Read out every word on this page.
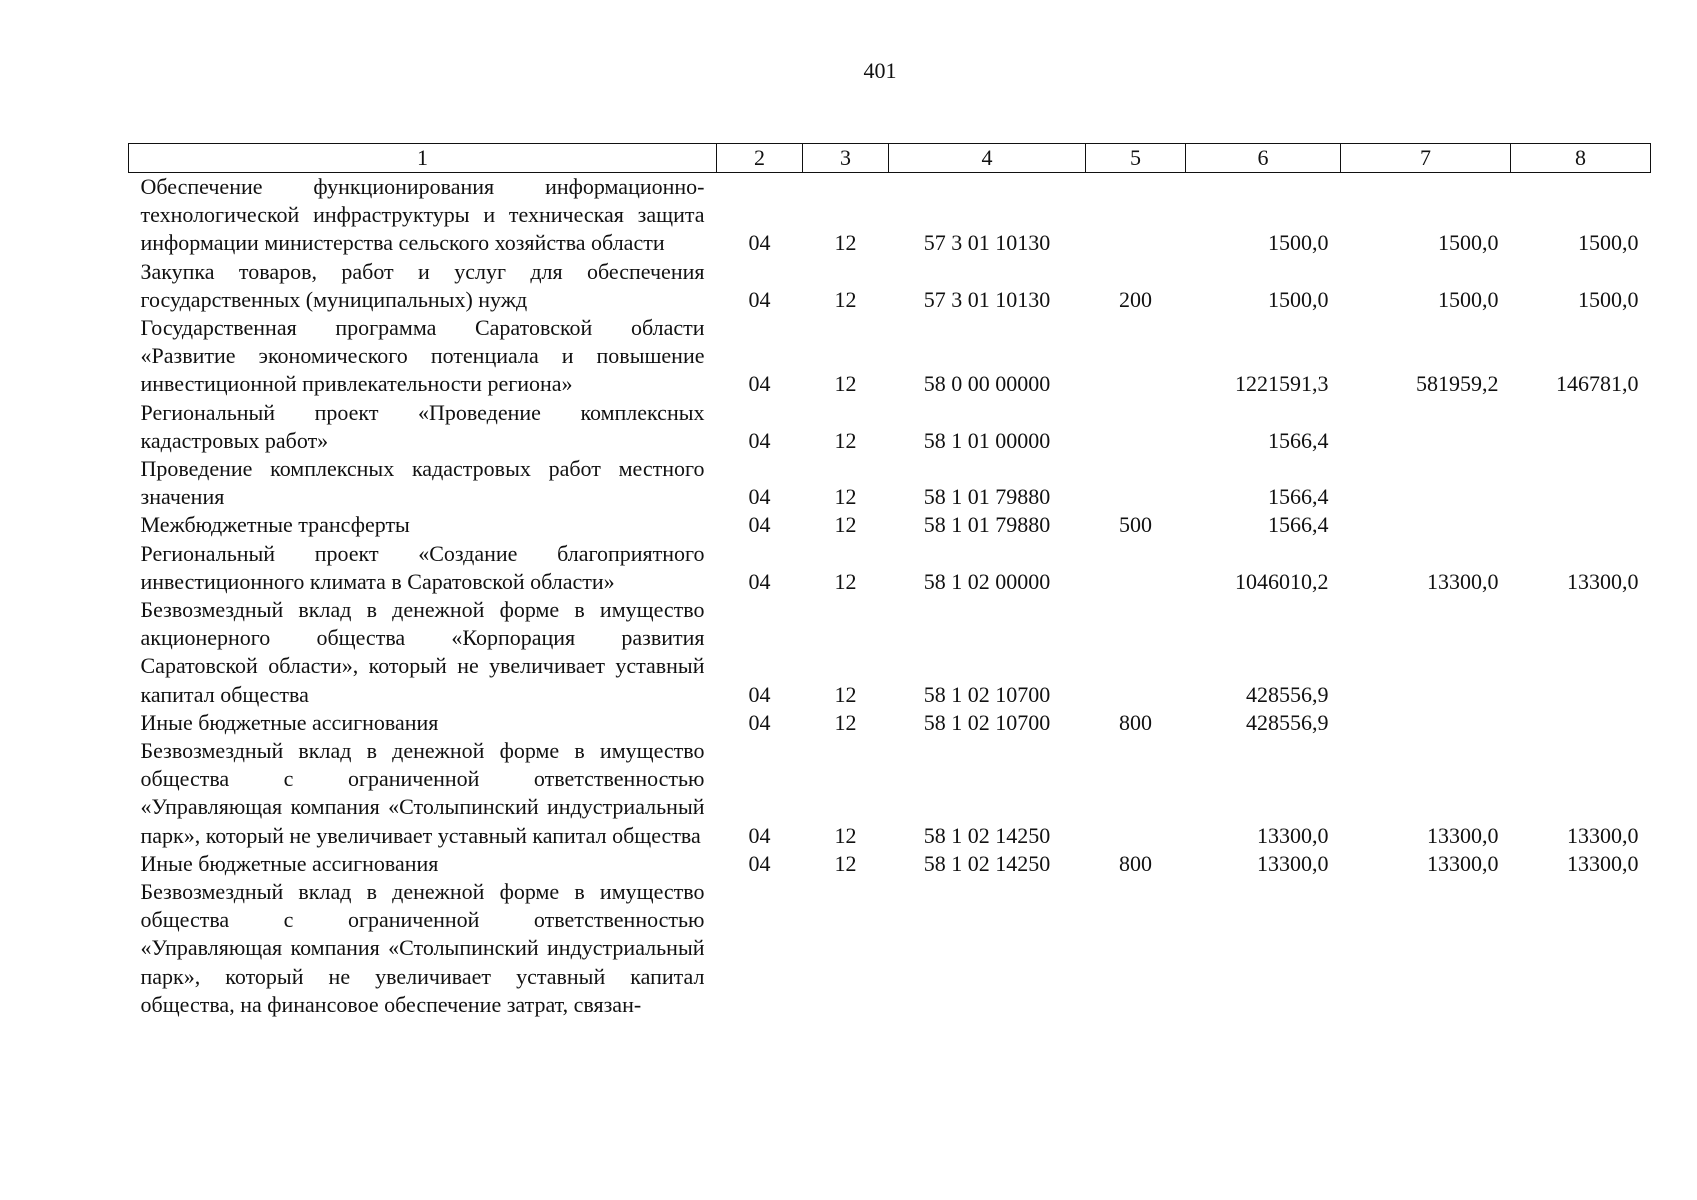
401
1	2	3	4	5	6	7	8
Обеспечение функционирования информационно-технологической инфраструктуры и техническая защита информации министерства сельского хозяйства области	04	12	57 3 01 10130		1500,0	1500,0	1500,0
Закупка товаров, работ и услуг для обеспечения государственных (муниципальных) нужд	04	12	57 3 01 10130	200	1500,0	1500,0	1500,0
Государственная программа Саратовской области «Развитие экономического потенциала и повышение инвестиционной привлекательности региона»	04	12	58 0 00 00000		1221591,3	581959,2	146781,0
Региональный проект «Проведение комплексных кадастровых работ»	04	12	58 1 01 00000		1566,4		
Проведение комплексных кадастровых работ местного значения	04	12	58 1 01 79880		1566,4		
Межбюджетные трансферты	04	12	58 1 01 79880	500	1566,4		
Региональный проект «Создание благоприятного инвестиционного климата в Саратовской области»	04	12	58 1 02 00000		1046010,2	13300,0	13300,0
Безвозмездный вклад в денежной форме в имущество акционерного общества «Корпорация развития Саратовской области», который не увеличивает уставный капитал общества	04	12	58 1 02 10700		428556,9		
Иные бюджетные ассигнования	04	12	58 1 02 10700	800	428556,9		
Безвозмездный вклад в денежной форме в имущество общества с ограниченной ответственностью «Управляющая компания «Столыпинский индустриальный парк», который не увеличивает уставный капитал общества	04	12	58 1 02 14250		13300,0	13300,0	13300,0
Иные бюджетные ассигнования	04	12	58 1 02 14250	800	13300,0	13300,0	13300,0
Безвозмездный вклад в денежной форме в имущество общества с ограниченной ответственностью «Управляющая компания «Столыпинский индустриальный парк», который не увеличивает уставный капитал общества, на финансовое обеспечение затрат, связан-							
